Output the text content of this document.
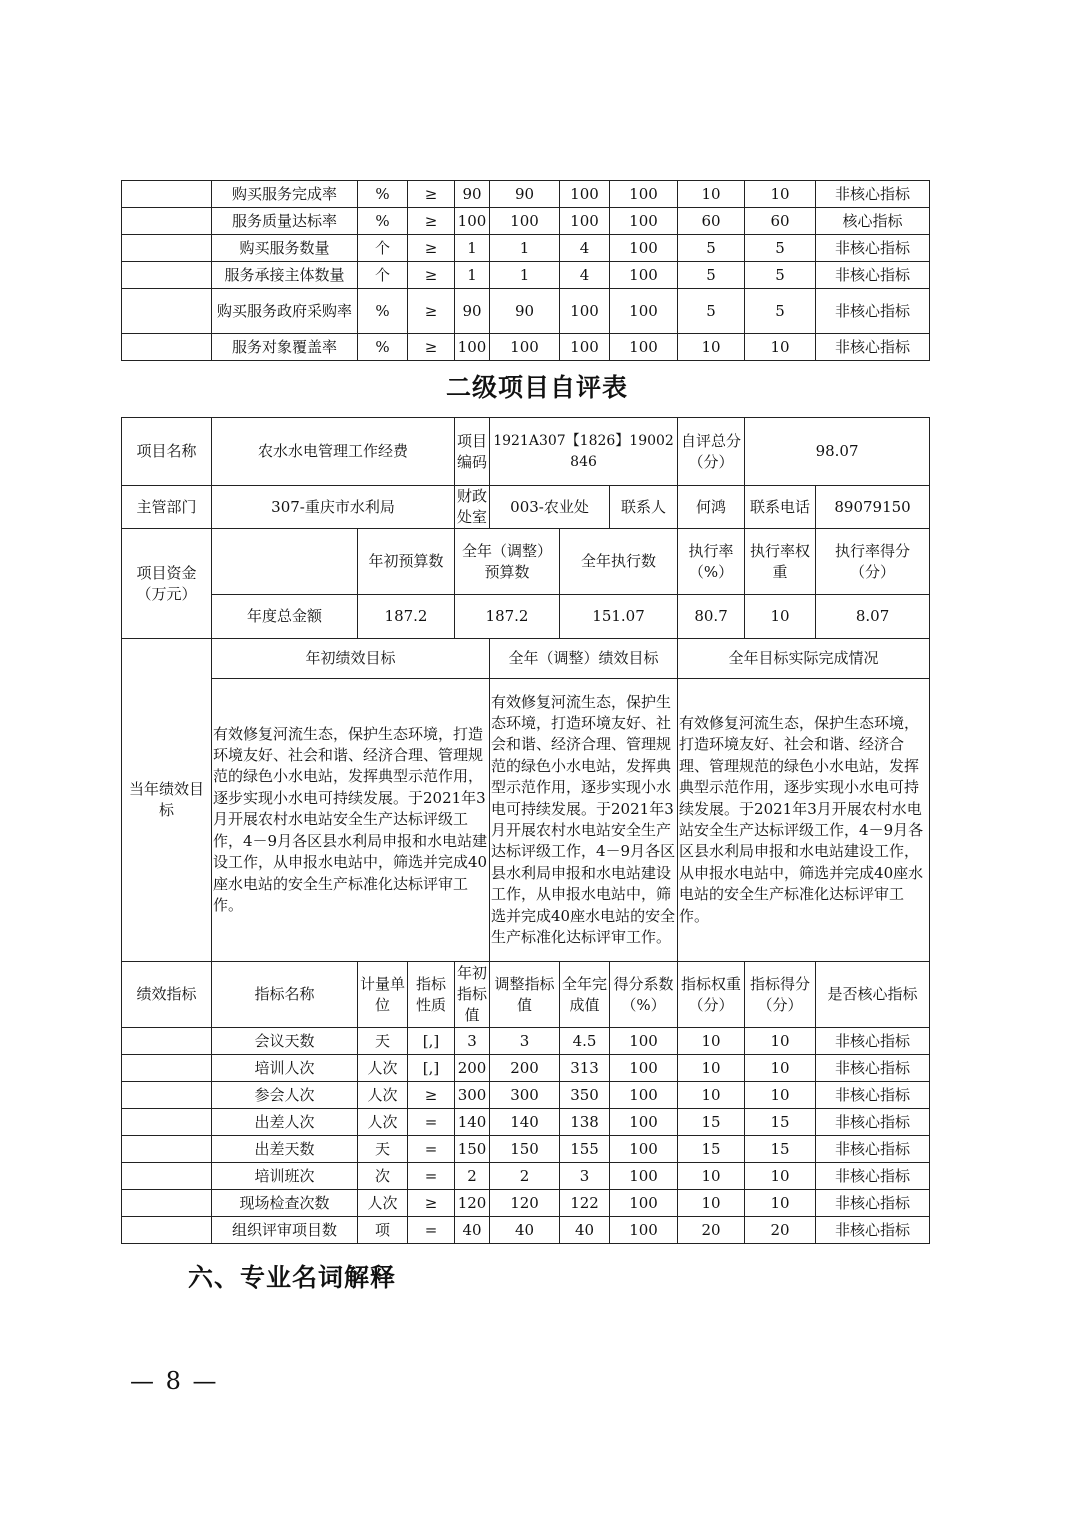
	购买服务完成率	%	≥	90	90	100	100	10	10	非核心指标
	服务质量达标率	%	≥	100	100	100	100	60	60	核心指标
	购买服务数量	个	≥	1	1	4	100	5	5	非核心指标
	服务承接主体数量	个	≥	1	1	4	100	5	5	非核心指标
	购买服务政府采购率	%	≥	90	90	100	100	5	5	非核心指标
	服务对象覆盖率	%	≥	100	100	100	100	10	10	非核心指标
二级项目自评表
项目名称	农水水电管理工作经费			项目编码	1921A307【1826】19002846			自评总分（分）	98.07	
主管部门	307-重庆市水利局			财政处室	003-农业处		联系人	何鸿	联系电话	89079150
项目资金（万元）		年初预算数		全年（调整）预算数		全年执行数		执行率（%）	执行率权重	执行率得分（分）
	年度总金额	187.2		187.2		151.07		80.7	10	8.07
当年绩效目标	年初绩效目标				全年（调整）绩效目标			全年目标实际完成情况		
	有效修复河流生态，保护生态环境，打造环境友好、社会和谐、经济合理、管理规范的绿色小水电站，发挥典型示范作用，逐步实现小水电可持续发展。于2021年3月开展农村水电站安全生产达标评级工作，4－9月各区县水利局申报和水电站建设工作，从申报水电站中，筛选并完成40座水电站的安全生产标准化达标评审工作。				有效修复河流生态，保护生态环境，打造环境友好、社会和谐、经济合理、管理规范的绿色小水电站，发挥典型示范作用，逐步实现小水电可持续发展。于2021年3月开展农村水电站安全生产达标评级工作，4－9月各区县水利局申报和水电站建设工作，从申报水电站中，筛选并完成40座水电站的安全生产标准化达标评审工作。			有效修复河流生态，保护生态环境，打造环境友好、社会和谐、经济合理、管理规范的绿色小水电站，发挥典型示范作用，逐步实现小水电可持续发展。于2021年3月开展农村水电站安全生产达标评级工作，4－9月各区县水利局申报和水电站建设工作，从申报水电站中，筛选并完成40座水电站的安全生产标准化达标评审工作。		
绩效指标	指标名称	计量单位	指标性质	年初指标值	调整指标值	全年完成值	得分系数（%）	指标权重（分）	指标得分（分）	是否核心指标
	会议天数	天	[,]	3	3	4.5	100	10	10	非核心指标
	培训人次	人次	[,]	200	200	313	100	10	10	非核心指标
	参会人次	人次	≥	300	300	350	100	10	10	非核心指标
	出差人次	人次	=	140	140	138	100	15	15	非核心指标
	出差天数	天	=	150	150	155	100	15	15	非核心指标
	培训班次	次	=	2	2	3	100	10	10	非核心指标
	现场检查次数	人次	≥	120	120	122	100	10	10	非核心指标
	组织评审项目数	项	=	40	40	40	100	20	20	非核心指标
六、专业名词解释
— 8 —
